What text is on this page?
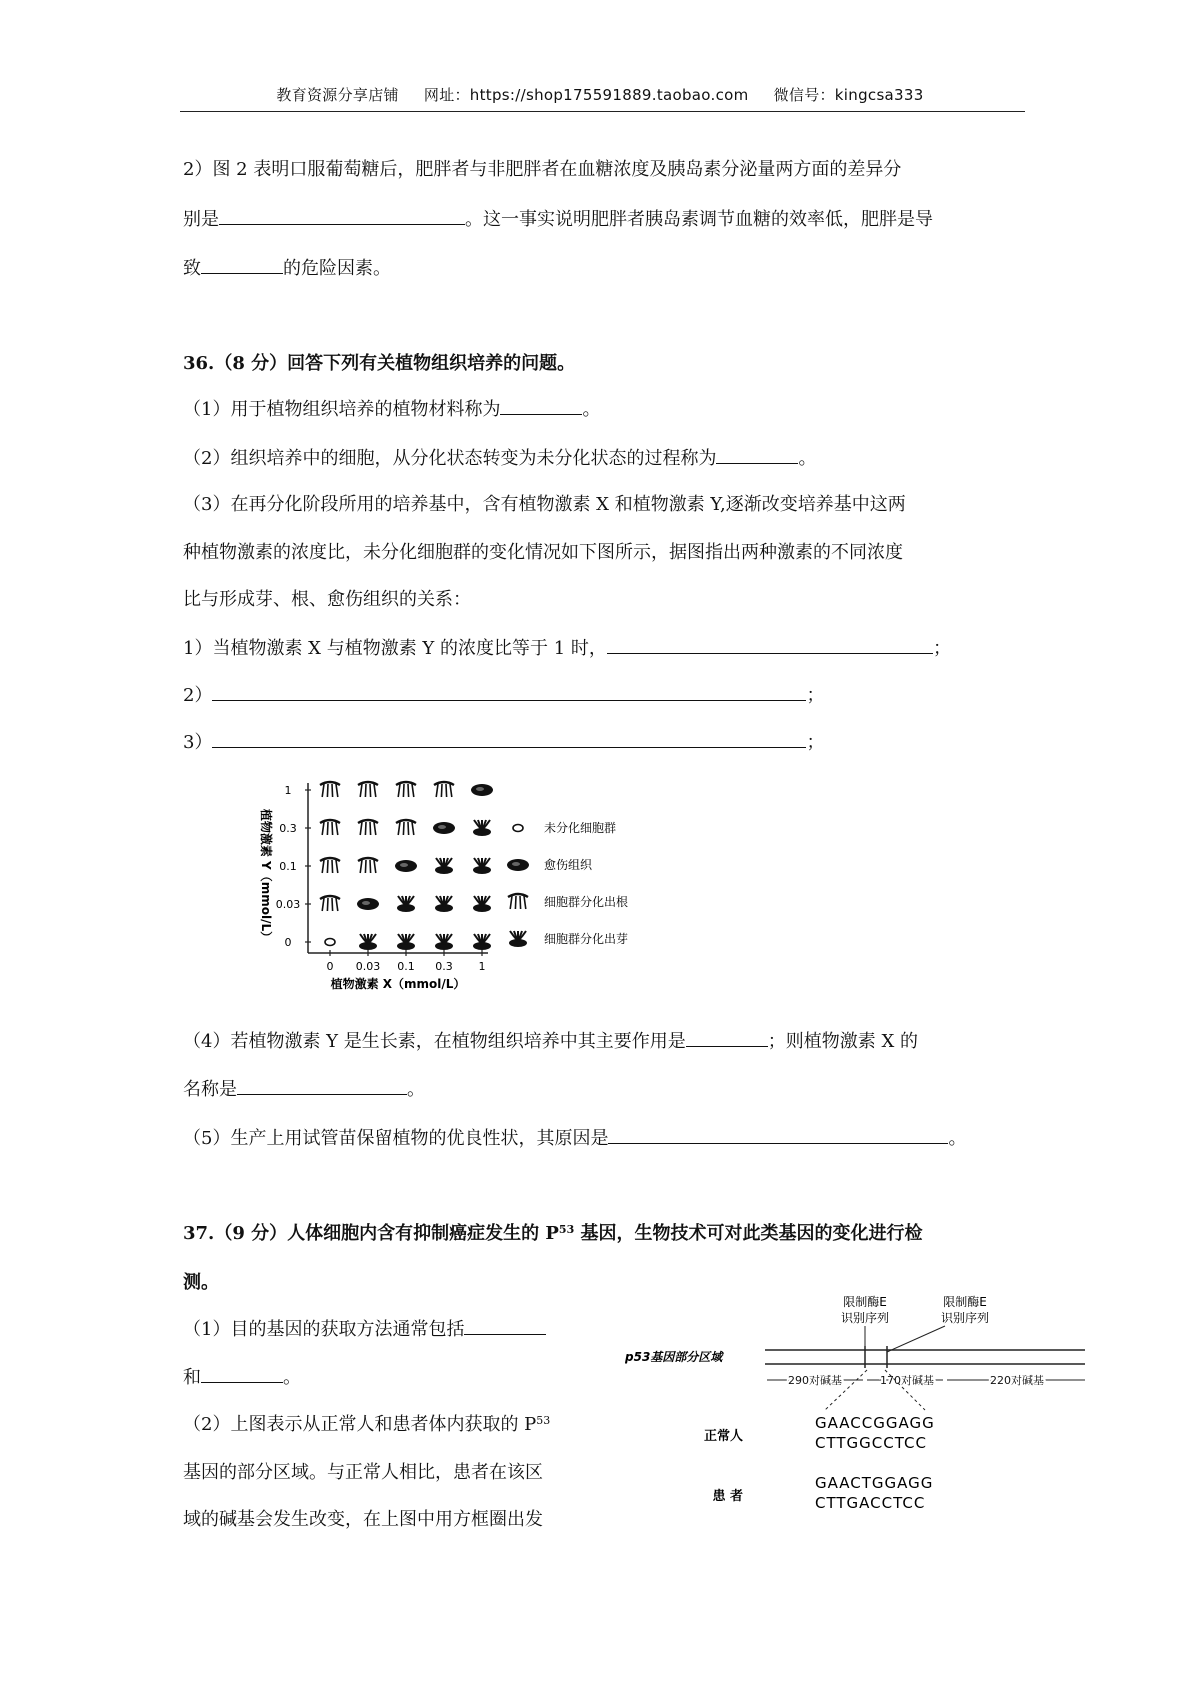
教育资源分享店铺 网址：https://shop175591889.taobao.com 微信号：kingcsa333
2）图 2 表明口服葡萄糖后，肥胖者与非肥胖者在血糖浓度及胰岛素分泌量两方面的差异分
别是	。这一事实说明肥胖者胰岛素调节血糖的效率低，肥胖是导
致	的危险因素。
36.（8 分）回答下列有关植物组织培养的问题。
（1）用于植物组织培养的植物材料称为	。
（2）组织培养中的细胞，从分化状态转变为未分化状态的过程称为	。
（3）在再分化阶段所用的培养基中，含有植物激素 X 和植物激素 Y,逐渐改变培养基中这两
种植物激素的浓度比，未分化细胞群的变化情况如下图所示，据图指出两种激素的不同浓度
比与形成芽、根、愈伤组织的关系：
1）当植物激素 X 与植物激素 Y 的浓度比等于 1 时，	；
2）	；
3）	；
植物激素 Y（mmol/L）
1
0.3
0.1
0.03
0
0 0.03 0.1 0.3 1
植物激素 X（mmol/L）
未分化细胞群
愈伤组织
细胞群分化出根
细胞群分化出芽
（4）若植物激素 Y 是生长素，在植物组织培养中其主要作用是	；则植物激素 X 的
名称是	。
（5）生产上用试管苗保留植物的优良性状，其原因是	。
37.（9 分）人体细胞内含有抑制癌症发生的 $P^{53}$ 基因，生物技术可对此类基因的变化进行检
测。
（1）目的基因的获取方法通常包括
和	。
（2）上图表示从正常人和患者体内获取的 $P^{53}$
基因的部分区域。与正常人相比，患者在该区
域的碱基会发生改变，在上图中用方框圈出发
限制酶E
识别序列
限制酶E
识别序列
p53基因部分区域
290对碱基	170对碱基	220对碱基
正常人
GAACCGGAGG
CTTGGCCTCC
患 者
GAACTGGAGG
CTTGACCTCC
